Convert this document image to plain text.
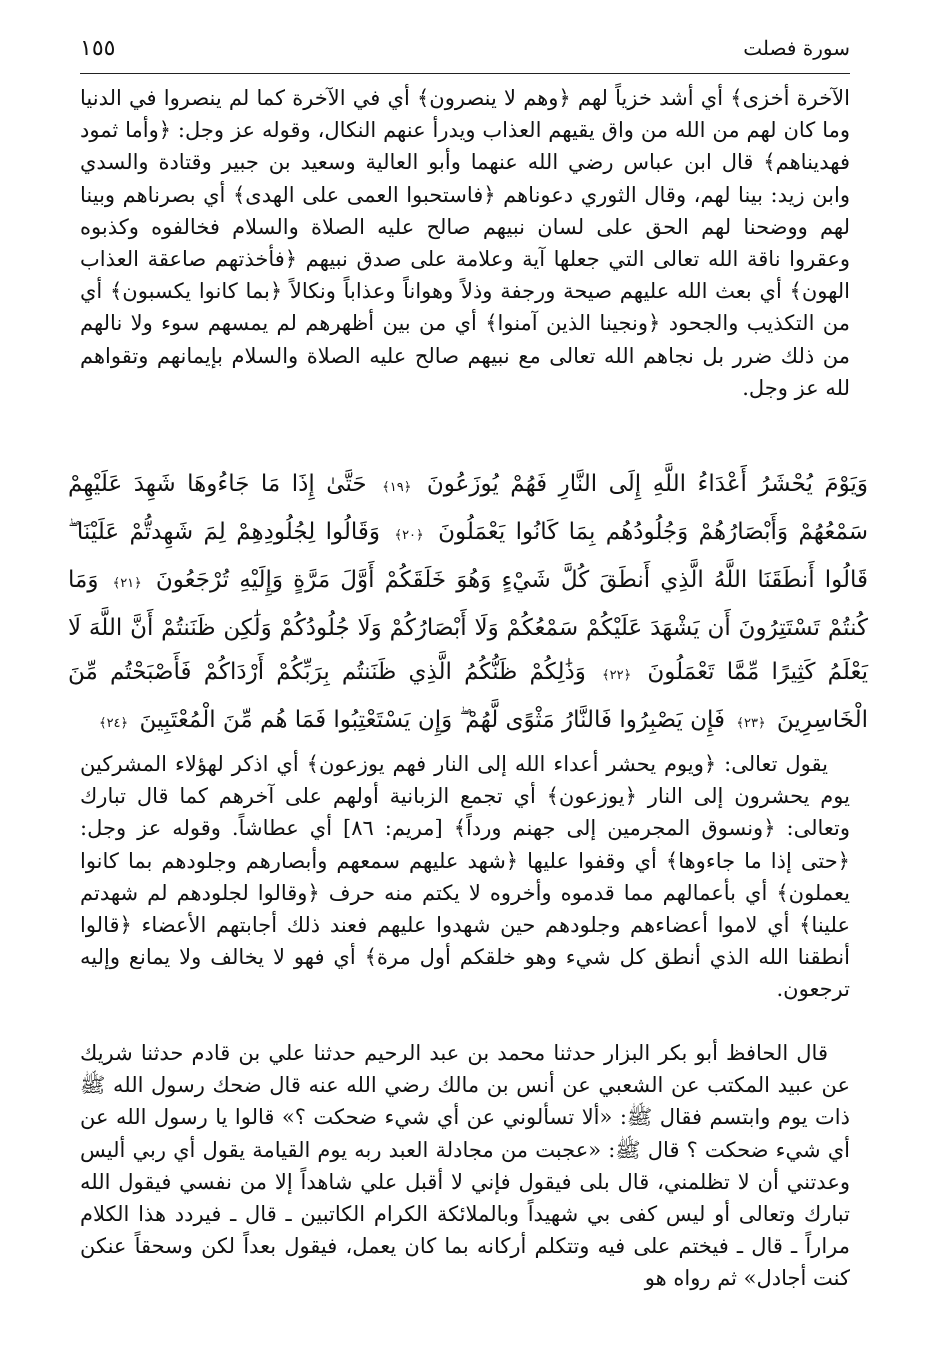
سورة فصلت
١٥٥

الآخرة أخزى﴾ أي أشد خزياً لهم ﴿وهم لا ينصرون﴾ أي في الآخرة كما لم ينصروا في الدنيا وما كان لهم من الله من واق يقيهم العذاب ويدرأ عنهم النكال، وقوله عز وجل: ﴿وأما ثمود فهديناهم﴾ قال ابن عباس رضي الله عنهما وأبو العالية وسعيد بن جبير وقتادة والسدي وابن زيد: بينا لهم، وقال الثوري دعوناهم ﴿فاستحبوا العمى على الهدى﴾ أي بصرناهم وبينا لهم ووضحنا لهم الحق على لسان نبيهم صالح عليه الصلاة والسلام فخالفوه وكذبوه وعقروا ناقة الله تعالى التي جعلها آية وعلامة على صدق نبيهم ﴿فأخذتهم صاعقة العذاب الهون﴾ أي بعث الله عليهم صيحة ورجفة وذلاً وهواناً وعذاباً ونكالاً ﴿بما كانوا يكسبون﴾ أي من التكذيب والجحود ﴿ونجينا الذين آمنوا﴾ أي من بين أظهرهم لم يمسهم سوء ولا نالهم من ذلك ضرر بل نجاهم الله تعالى مع نبيهم صالح عليه الصلاة والسلام بإيمانهم وتقواهم لله عز وجل.

وَيَوْمَ يُحْشَرُ أَعْدَاءُ اللَّهِ إِلَى النَّارِ فَهُمْ يُوزَعُونَ ﴿١٩﴾ حَتَّىٰ إِذَا مَا جَاءُوهَا شَهِدَ عَلَيْهِمْ سَمْعُهُمْ وَأَبْصَارُهُمْ وَجُلُودُهُم بِمَا كَانُوا يَعْمَلُونَ ﴿٢٠﴾ وَقَالُوا لِجُلُودِهِمْ لِمَ شَهِدتُّمْ عَلَيْنَا ۖ قَالُوا أَنطَقَنَا اللَّهُ الَّذِي أَنطَقَ كُلَّ شَيْءٍ وَهُوَ خَلَقَكُمْ أَوَّلَ مَرَّةٍ وَإِلَيْهِ تُرْجَعُونَ ﴿٢١﴾ وَمَا كُنتُمْ تَسْتَتِرُونَ أَن يَشْهَدَ عَلَيْكُمْ سَمْعُكُمْ وَلَا أَبْصَارُكُمْ وَلَا جُلُودُكُمْ وَلَٰكِن ظَنَنتُمْ أَنَّ اللَّهَ لَا يَعْلَمُ كَثِيرًا مِّمَّا تَعْمَلُونَ ﴿٢٢﴾ وَذَٰلِكُمْ ظَنُّكُمُ الَّذِي ظَنَنتُم بِرَبِّكُمْ أَرْدَاكُمْ فَأَصْبَحْتُم مِّنَ الْخَاسِرِينَ ﴿٢٣﴾ فَإِن يَصْبِرُوا فَالنَّارُ مَثْوًى لَّهُمْ ۖ وَإِن يَسْتَعْتِبُوا فَمَا هُم مِّنَ الْمُعْتَبِينَ ﴿٢٤﴾

يقول تعالى: ﴿ويوم يحشر أعداء الله إلى النار فهم يوزعون﴾ أي اذكر لهؤلاء المشركين يوم يحشرون إلى النار ﴿يوزعون﴾ أي تجمع الزبانية أولهم على آخرهم كما قال تبارك وتعالى: ﴿ونسوق المجرمين إلى جهنم ورداً﴾ [مريم: ٨٦] أي عطاشاً. وقوله عز وجل: ﴿حتى إذا ما جاءوها﴾ أي وقفوا عليها ﴿شهد عليهم سمعهم وأبصارهم وجلودهم بما كانوا يعملون﴾ أي بأعمالهم مما قدموه وأخروه لا يكتم منه حرف ﴿وقالوا لجلودهم لم شهدتم علينا﴾ أي لاموا أعضاءهم وجلودهم حين شهدوا عليهم فعند ذلك أجابتهم الأعضاء ﴿قالوا أنطقنا الله الذي أنطق كل شيء وهو خلقكم أول مرة﴾ أي فهو لا يخالف ولا يمانع وإليه ترجعون.

قال الحافظ أبو بكر البزار حدثنا محمد بن عبد الرحيم حدثنا علي بن قادم حدثنا شريك عن عبيد المكتب عن الشعبي عن أنس بن مالك رضي الله عنه قال ضحك رسول الله ﷺ ذات يوم وابتسم فقال ﷺ: «ألا تسألوني عن أي شيء ضحكت ؟» قالوا يا رسول الله عن أي شيء ضحكت ؟ قال ﷺ: «عجبت من مجادلة العبد ربه يوم القيامة يقول أي ربي أليس وعدتني أن لا تظلمني، قال بلى فيقول فإني لا أقبل علي شاهداً إلا من نفسي فيقول الله تبارك وتعالى أو ليس كفى بي شهيداً وبالملائكة الكرام الكاتبين ـ قال ـ فيردد هذا الكلام مراراً ـ قال ـ فيختم على فيه وتتكلم أركانه بما كان يعمل، فيقول بعداً لكن وسحقاً عنكن كنت أجادل» ثم رواه هو
